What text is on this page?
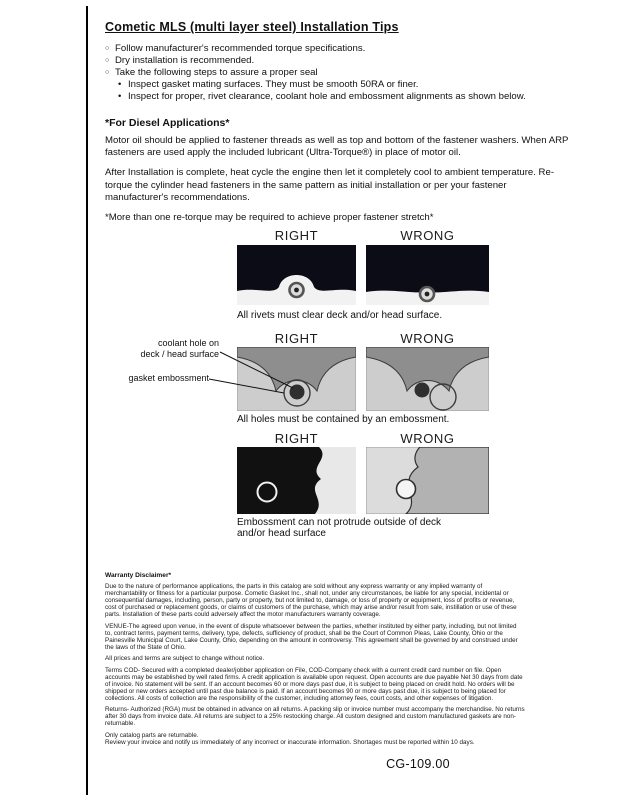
Cometic MLS (multi layer steel) Installation Tips
○ Follow manufacturer's recommended torque specifications.
○ Dry installation is recommended.
○ Take the following steps to assure a proper seal
• Inspect gasket mating surfaces. They must be smooth 50RA or finer.
• Inspect for proper, rivet clearance, coolant hole and embossment alignments as shown below.
*For Diesel Applications*

Motor oil should be applied to fastener threads as well as top and bottom of the fastener washers. When ARP fasteners are used apply the included lubricant (Ultra-Torque®) in place of motor oil.

After Installation is complete, heat cycle the engine then let it completely cool to ambient temperature. Re-torque the cylinder head fasteners in the same pattern as initial installation or per your fastener manufacturer's recommendations.

*More than one re-torque may be required to achieve proper fastener stretch*

RIGHT	WRONG
All rivets must clear deck and/or head surface.
RIGHT	WRONG
coolant hole on
deck / head surface
gasket embossment
All holes must be contained by an embossment.
RIGHT	WRONG
Embossment can not protrude outside of deck
and/or head surface
Warranty Disclaimer*

Due to the nature of performance applications, the parts in this catalog are sold without any express warranty or any implied warranty of merchantability or fitness for a particular purpose. Cometic Gasket Inc., shall not, under any circumstances, be liable for any special, incidental or consequential damages, including, person, party or property, but not limited to, damage, or loss of property or equipment, loss of profits or revenue, cost of purchased or replacement goods, or claims of customers of the purchase, which may arise and/or result from sale, instillation or use of these parts. Installation of these parts could adversely affect the motor manufacturers warranty coverage.

VENUE-The agreed upon venue, in the event of dispute whatsoever between the parties, whether instituted by either party, including, but not limited to, contract terms, payment terms, delivery, type, defects, sufficiency of product, shall be the Court of Common Pleas, Lake County, Ohio or the Painesville Municipal Court, Lake County, Ohio, depending on the amount in controversy. This agreement shall be governed by and construed under the laws of the State of Ohio.

All prices and terms are subject to change without notice.

Terms COD- Secured with a completed dealer/jobber application on File, COD-Company check with a current credit card number on file. Open accounts may be established by well rated firms. A credit application is available upon request. Open accounts are due payable Net 30 days from date of invoice. No statement will be sent. If an account becomes 60 or more days past due, it is subject to being placed on credit hold. No orders will be shipped or new orders accepted until past due balance is paid. If an account becomes 90 or more days past due, it is subject to being placed for collections. All costs of collection are the responsibility of the customer, including attorney fees, court costs, and other expenses of litigation.

Returns- Authorized (RGA) must be obtained in advance on all returns. A packing slip or invoice number must accompany the merchandise. No returns after 30 days from invoice date. All returns are subject to a 25% restocking charge. All custom designed and custom manufactured gaskets are non-returnable.

Only catalog parts are returnable.

Review your invoice and notify us immediately of any incorrect or inaccurate information. Shortages must be reported within 10 days.

CG-109.00
